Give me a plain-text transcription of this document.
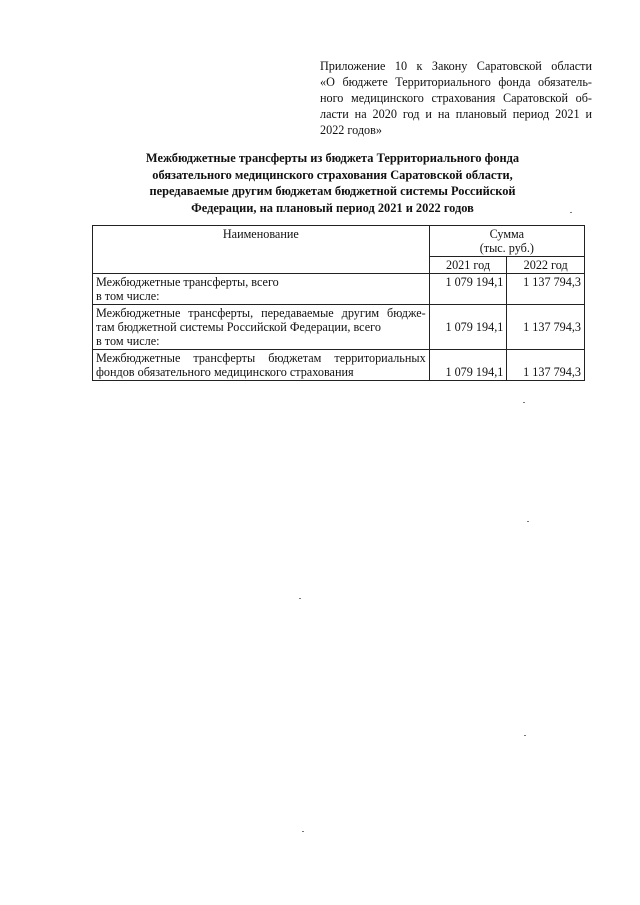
Приложение 10 к Закону Саратовской области
«О бюджете Территориального фонда обязатель-
ного медицинского страхования Саратовской об-
ласти на 2020 год и на плановый период 2021 и
2022 годов»
Межбюджетные трансферты из бюджета Территориального фонда
обязательного медицинского страхования Саратовской области,
передаваемые другим бюджетам бюджетной системы Российской
Федерации, на плановый период 2021 и 2022 годов
Наименование	Сумма
(тыс. руб.)	

	2021 год	2022 год

Межбюджетные трансферты, всего
в том числе:	1 079 194,1	1 137 794,3

Межбюджетные трансферты, передаваемые другим бюдже-
там бюджетной системы Российской Федерации, всего
в том числе:	1 079 194,1	1 137 794,3

Межбюджетные трансферты бюджетам территориальных
фондов обязательного медицинского страхования	1 079 194,1	1 137 794,3
